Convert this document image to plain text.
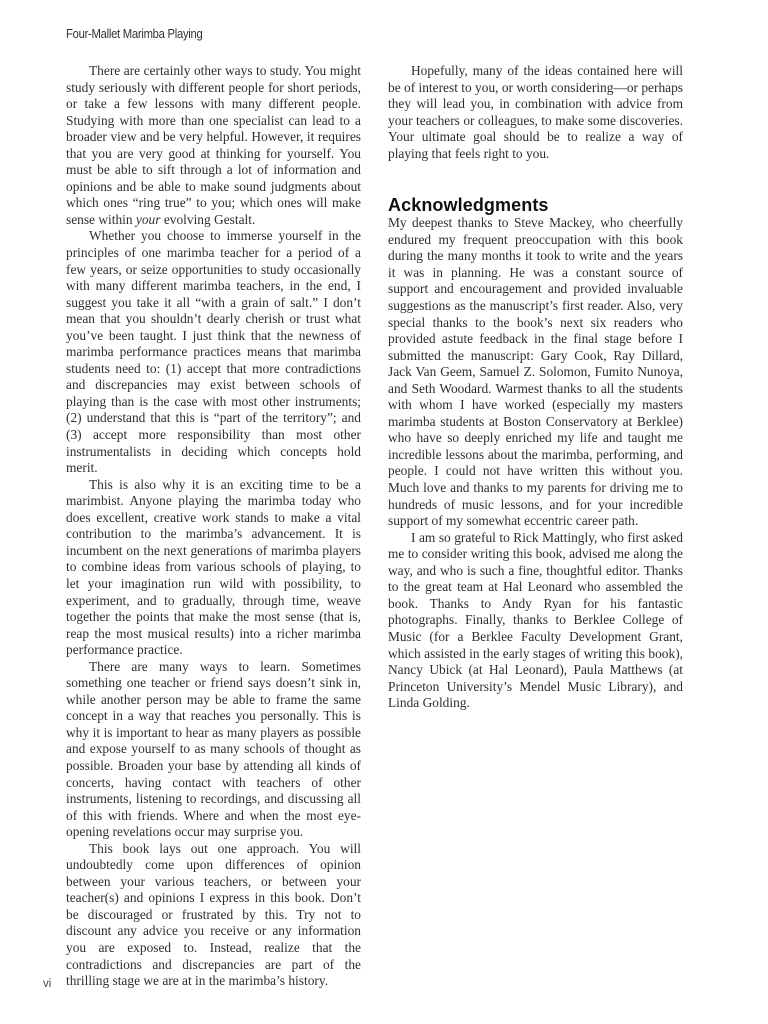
Four-Mallet Marimba Playing

There are certainly other ways to study. You might study seriously with different people for short periods, or take a few lessons with many different people. Studying with more than one specialist can lead to a broader view and be very helpful. However, it requires that you are very good at thinking for yourself. You must be able to sift through a lot of information and opinions and be able to make sound judgments about which ones “ring true” to you; which ones will make sense within your evolving Gestalt.

Whether you choose to immerse yourself in the principles of one marimba teacher for a period of a few years, or seize opportunities to study occasionally with many different marimba teachers, in the end, I suggest you take it all “with a grain of salt.” I don’t mean that you shouldn’t dearly cherish or trust what you’ve been taught. I just think that the newness of marimba performance practices means that marimba students need to: (1) accept that more contradictions and discrepancies may exist between schools of playing than is the case with most other instruments; (2) understand that this is “part of the territory”; and (3) accept more responsibility than most other instrumentalists in deciding which concepts hold merit.

This is also why it is an exciting time to be a marimbist. Anyone playing the marimba today who does excellent, creative work stands to make a vital contribution to the marimba’s advancement. It is incumbent on the next generations of marimba players to combine ideas from various schools of playing, to let your imagination run wild with possibility, to experiment, and to gradually, through time, weave together the points that make the most sense (that is, reap the most musical results) into a richer marimba performance practice.

There are many ways to learn. Sometimes something one teacher or friend says doesn’t sink in, while another person may be able to frame the same concept in a way that reaches you personally. This is why it is important to hear as many players as possible and expose yourself to as many schools of thought as possible. Broaden your base by attending all kinds of concerts, having contact with teachers of other instruments, listening to recordings, and discussing all of this with friends. Where and when the most eye-opening revelations occur may surprise you.

This book lays out one approach. You will undoubtedly come upon differences of opinion between your various teachers, or between your teacher(s) and opinions I express in this book. Don’t be discouraged or frustrated by this. Try not to discount any advice you receive or any information you are exposed to. Instead, realize that the contradictions and discrepancies are part of the thrilling stage we are at in the marimba’s history.

Hopefully, many of the ideas contained here will be of interest to you, or worth considering—or perhaps they will lead you, in combination with advice from your teachers or colleagues, to make some discoveries. Your ultimate goal should be to realize a way of playing that feels right to you.

Acknowledgments

My deepest thanks to Steve Mackey, who cheerfully endured my frequent preoccupation with this book during the many months it took to write and the years it was in planning. He was a constant source of support and encouragement and provided invaluable suggestions as the manuscript’s first reader. Also, very special thanks to the book’s next six readers who provided astute feedback in the final stage before I submitted the manuscript: Gary Cook, Ray Dillard, Jack Van Geem, Samuel Z. Solomon, Fumito Nunoya, and Seth Woodard. Warmest thanks to all the students with whom I have worked (especially my masters marimba students at Boston Conservatory at Berklee) who have so deeply enriched my life and taught me incredible lessons about the marimba, performing, and people. I could not have written this without you. Much love and thanks to my parents for driving me to hundreds of music lessons, and for your incredible support of my somewhat eccentric career path.

I am so grateful to Rick Mattingly, who first asked me to consider writing this book, advised me along the way, and who is such a fine, thoughtful editor. Thanks to the great team at Hal Leonard who assembled the book. Thanks to Andy Ryan for his fantastic photographs. Finally, thanks to Berklee College of Music (for a Berklee Faculty Development Grant, which assisted in the early stages of writing this book), Nancy Ubick (at Hal Leonard), Paula Matthews (at Princeton University’s Mendel Music Library), and Linda Golding.

vi
